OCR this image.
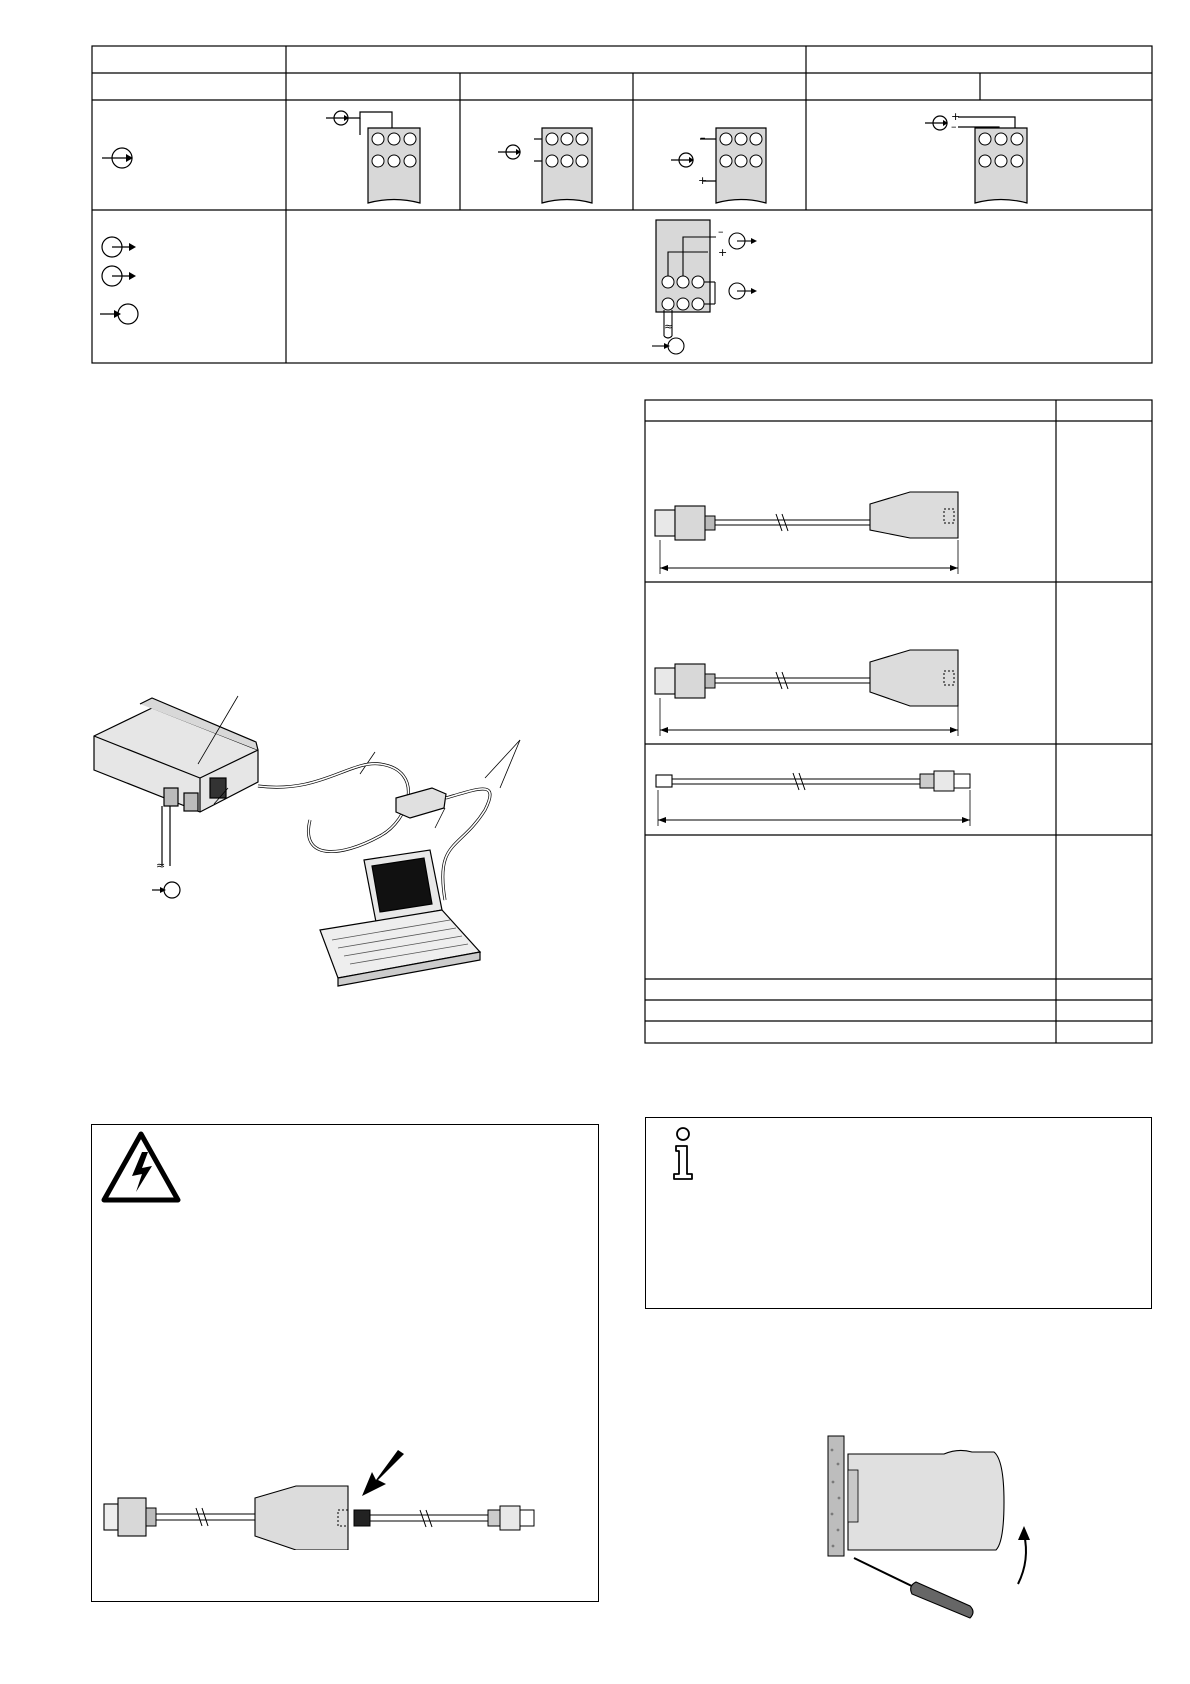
–
+
+
–
–
+
≈
≈
